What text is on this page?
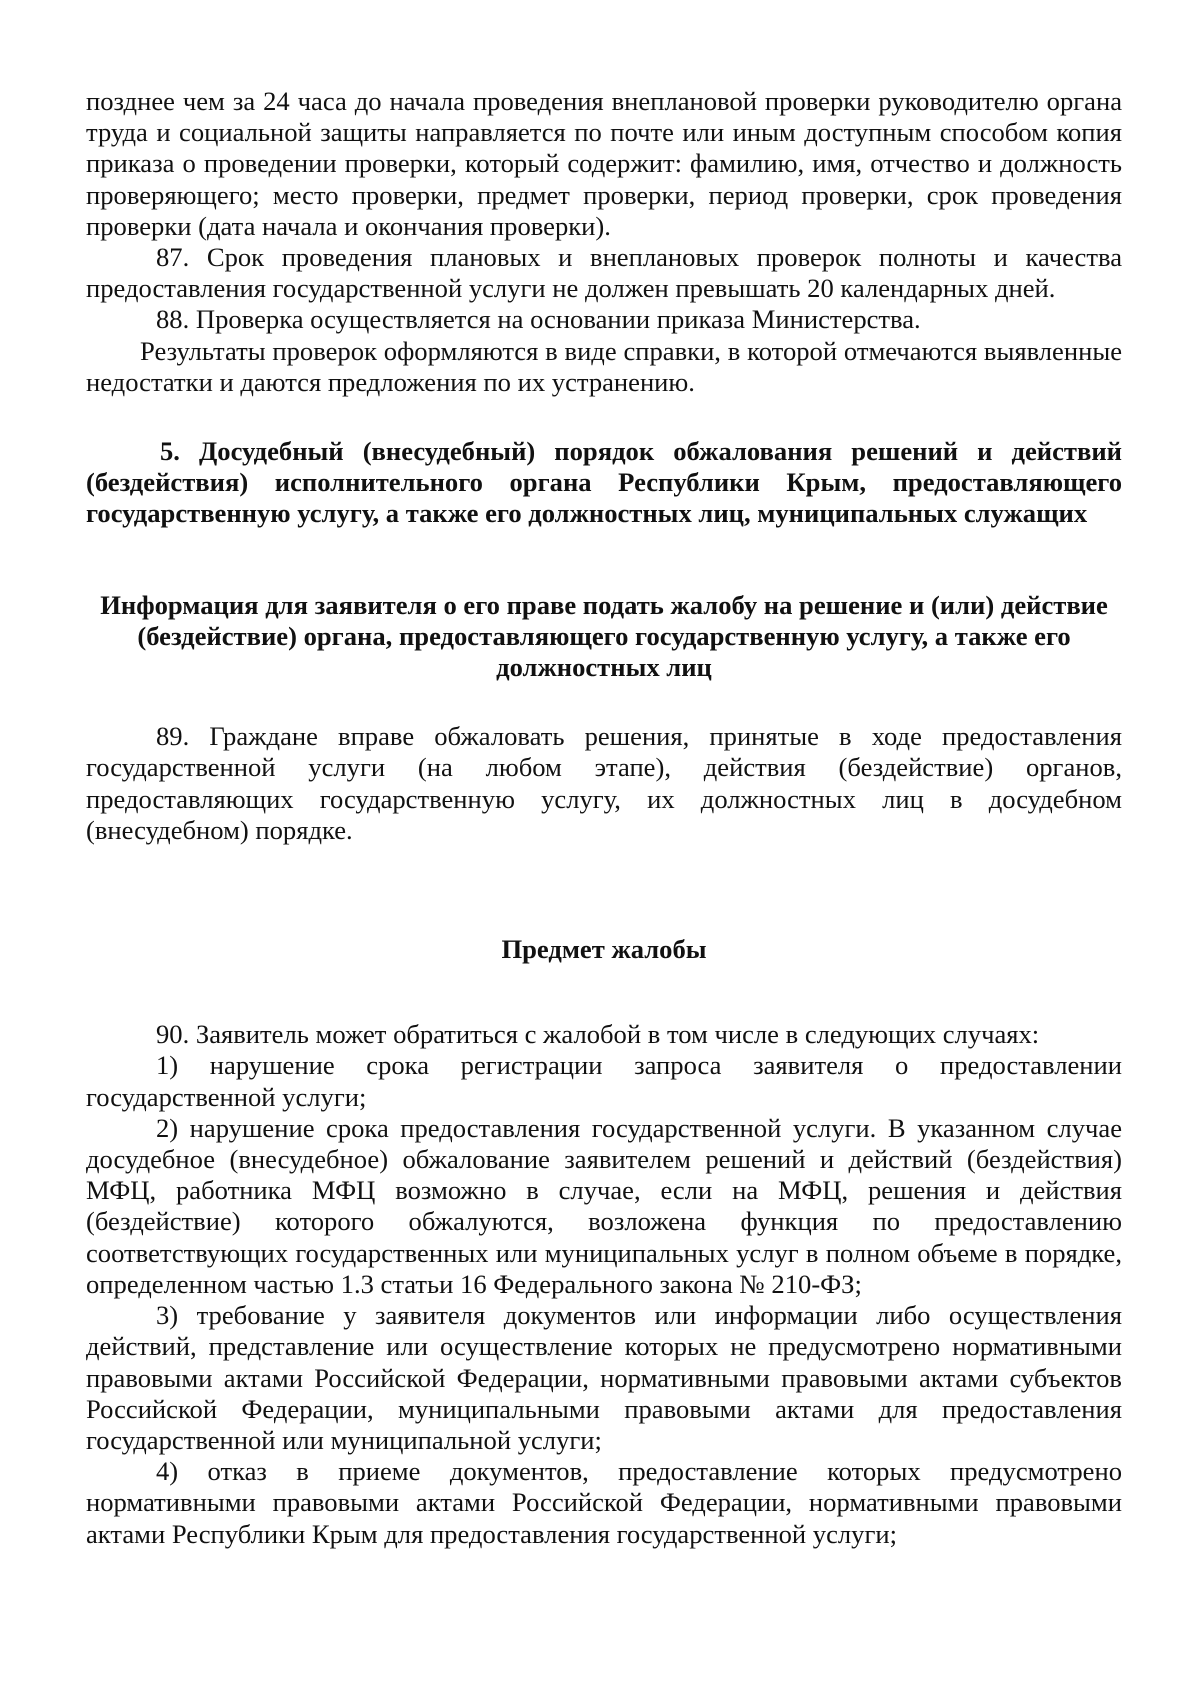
позднее чем за 24 часа до начала проведения внеплановой проверки руководителю органа труда и социальной защиты направляется по почте или иным доступным способом копия приказа о проведении проверки, который содержит: фамилию, имя, отчество и должность проверяющего; место проверки, предмет проверки, период проверки, срок проведения проверки (дата начала и окончания проверки).

87. Срок проведения плановых и внеплановых проверок полноты и качества предоставления государственной услуги не должен превышать 20 календарных дней.

88. Проверка осуществляется на основании приказа Министерства.

Результаты проверок оформляются в виде справки, в которой отмечаются выявленные недостатки и даются предложения по их устранению.

5. Досудебный (внесудебный) порядок обжалования решений и действий (бездействия) исполнительного органа Республики Крым, предоставляющего государственную услугу, а также его должностных лиц, муниципальных служащих
Информация для заявителя о его праве подать жалобу на решение и (или) действие (бездействие) органа, предоставляющего государственную услугу, а также его должностных лиц

89. Граждане вправе обжаловать решения, принятые в ходе предоставления государственной услуги (на любом этапе), действия (бездействие) органов, предоставляющих государственную услугу, их должностных лиц в досудебном (внесудебном) порядке.

Предмет жалобы

90. Заявитель может обратиться с жалобой в том числе в следующих случаях:

1) нарушение срока регистрации запроса заявителя о предоставлении государственной услуги;

2) нарушение срока предоставления государственной услуги. В указанном случае досудебное (внесудебное) обжалование заявителем решений и действий (бездействия) МФЦ, работника МФЦ возможно в случае, если на МФЦ, решения и действия (бездействие) которого обжалуются, возложена функция по предоставлению соответствующих государственных или муниципальных услуг в полном объеме в порядке, определенном частью 1.3 статьи 16 Федерального закона № 210-ФЗ;

3) требование у заявителя документов или информации либо осуществления действий, представление или осуществление которых не предусмотрено нормативными правовыми актами Российской Федерации, нормативными правовыми актами субъектов Российской Федерации, муниципальными правовыми актами для предоставления государственной или муниципальной услуги;

4) отказ в приеме документов, предоставление которых предусмотрено нормативными правовыми актами Российской Федерации, нормативными правовыми актами Республики Крым для предоставления государственной услуги;
